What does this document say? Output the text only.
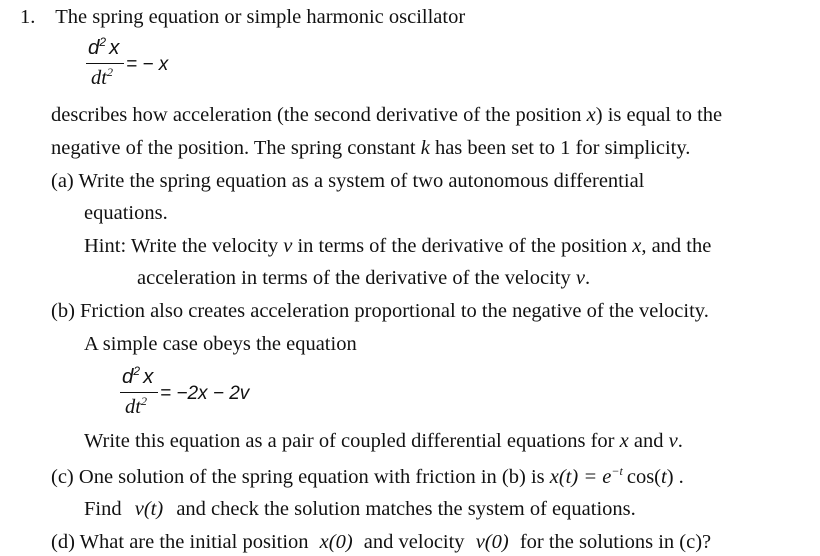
1. The spring equation or simple harmonic oscillator
$d^2$ x
$dt^2$ = − x
describes how acceleration (the second derivative of the position x) is equal to the
negative of the position. The spring constant k has been set to 1 for simplicity.
(a) Write the spring equation as a system of two autonomous differential
equations.
Hint: Write the velocity v in terms of the derivative of the position x, and the
acceleration in terms of the derivative of the velocity v.
(b) Friction also creates acceleration proportional to the negative of the velocity.
A simple case obeys the equation
$d^2$ x
$dt^2 = -2x - 2v$
Write this equation as a pair of coupled differential equations for x and v.
(c) One solution of the spring equation with friction in (b) is $x(t) = e^{-t}$ cos(t) .
Find v(t) and check the solution matches the system of equations.
(d) What are the initial position x(0) and velocity v(0) for the solutions in (c)?
